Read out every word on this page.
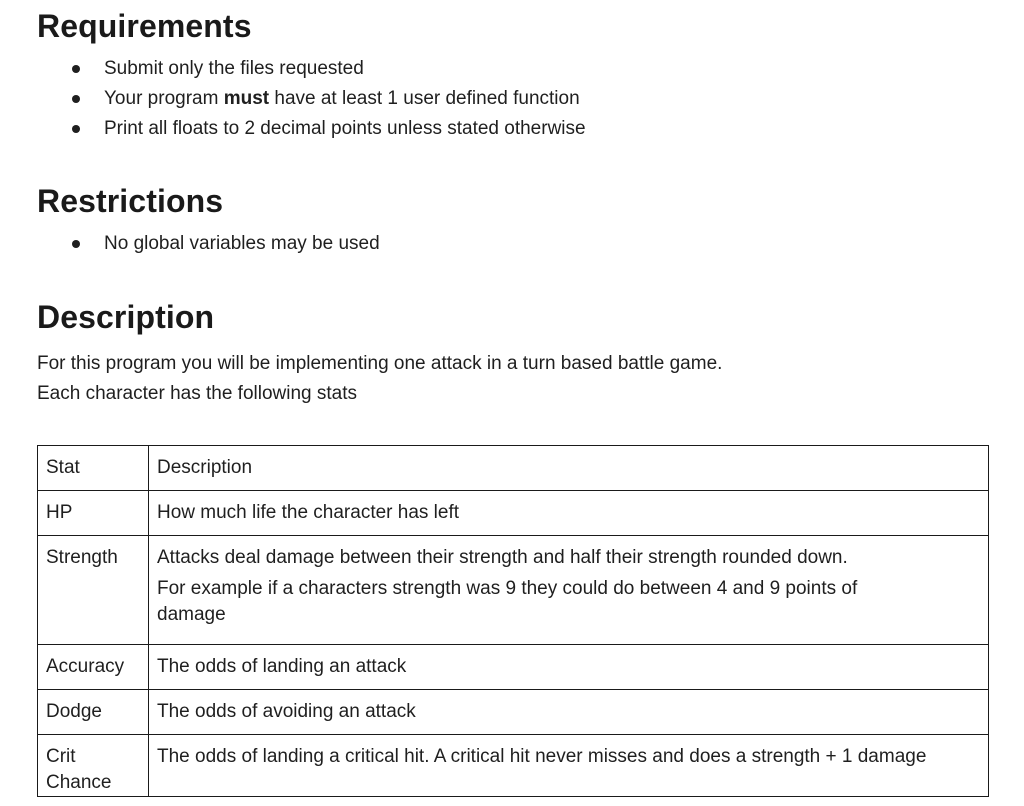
Requirements
Submit only the files requested
Your program must have at least 1 user defined function
Print all floats to 2 decimal points unless stated otherwise
Restrictions
No global variables may be used
Description

For this program you will be implementing one attack in a turn based battle game.

Each character has the following stats

Stat	Description
HP	How much life the character has left
Strength	Attacks deal damage between their strength and half their strength rounded down.
For example if a characters strength was 9 they could do between 4 and 9 points of
damage

Accuracy	The odds of landing an attack
Dodge	The odds of avoiding an attack
Crit Chance	The odds of landing a critical hit. A critical hit never misses and does a strength + 1 damage
